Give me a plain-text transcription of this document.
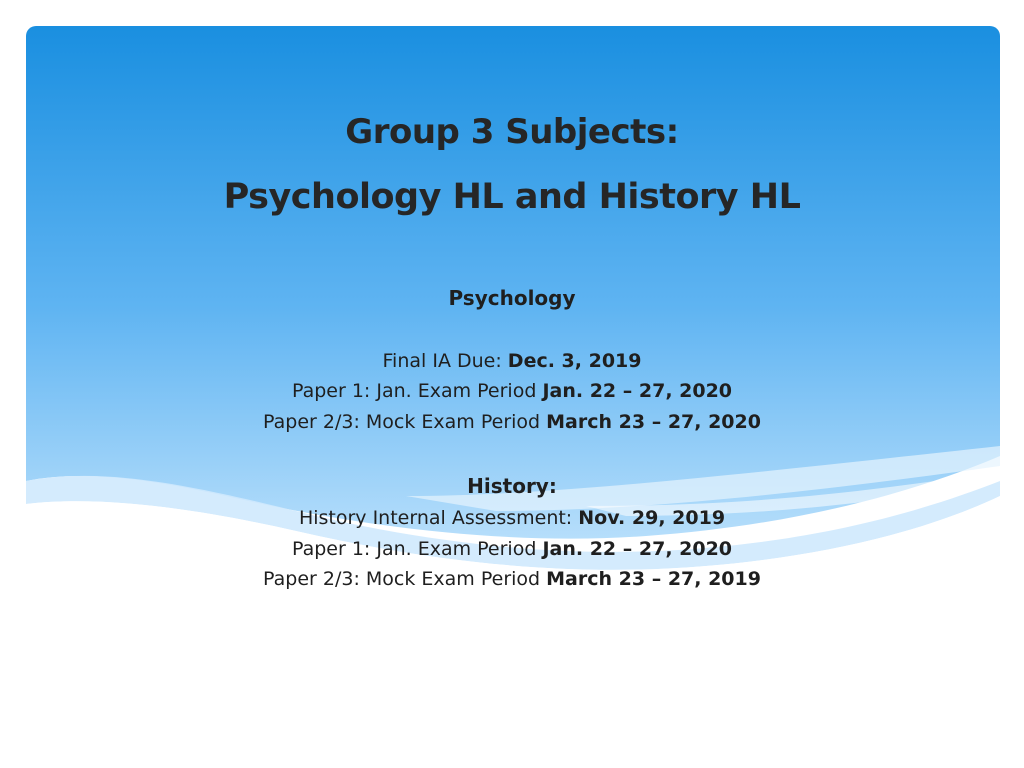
Group 3 Subjects:
Psychology HL and History HL
Psychology
Final IA Due: Dec. 3, 2019
Paper 1: Jan. Exam Period Jan. 22 – 27, 2020
Paper 2/3: Mock Exam Period March 23 – 27, 2020
History:
History Internal Assessment: Nov. 29, 2019
Paper 1: Jan. Exam Period Jan. 22 – 27, 2020
Paper 2/3: Mock Exam Period March 23 – 27, 2019
